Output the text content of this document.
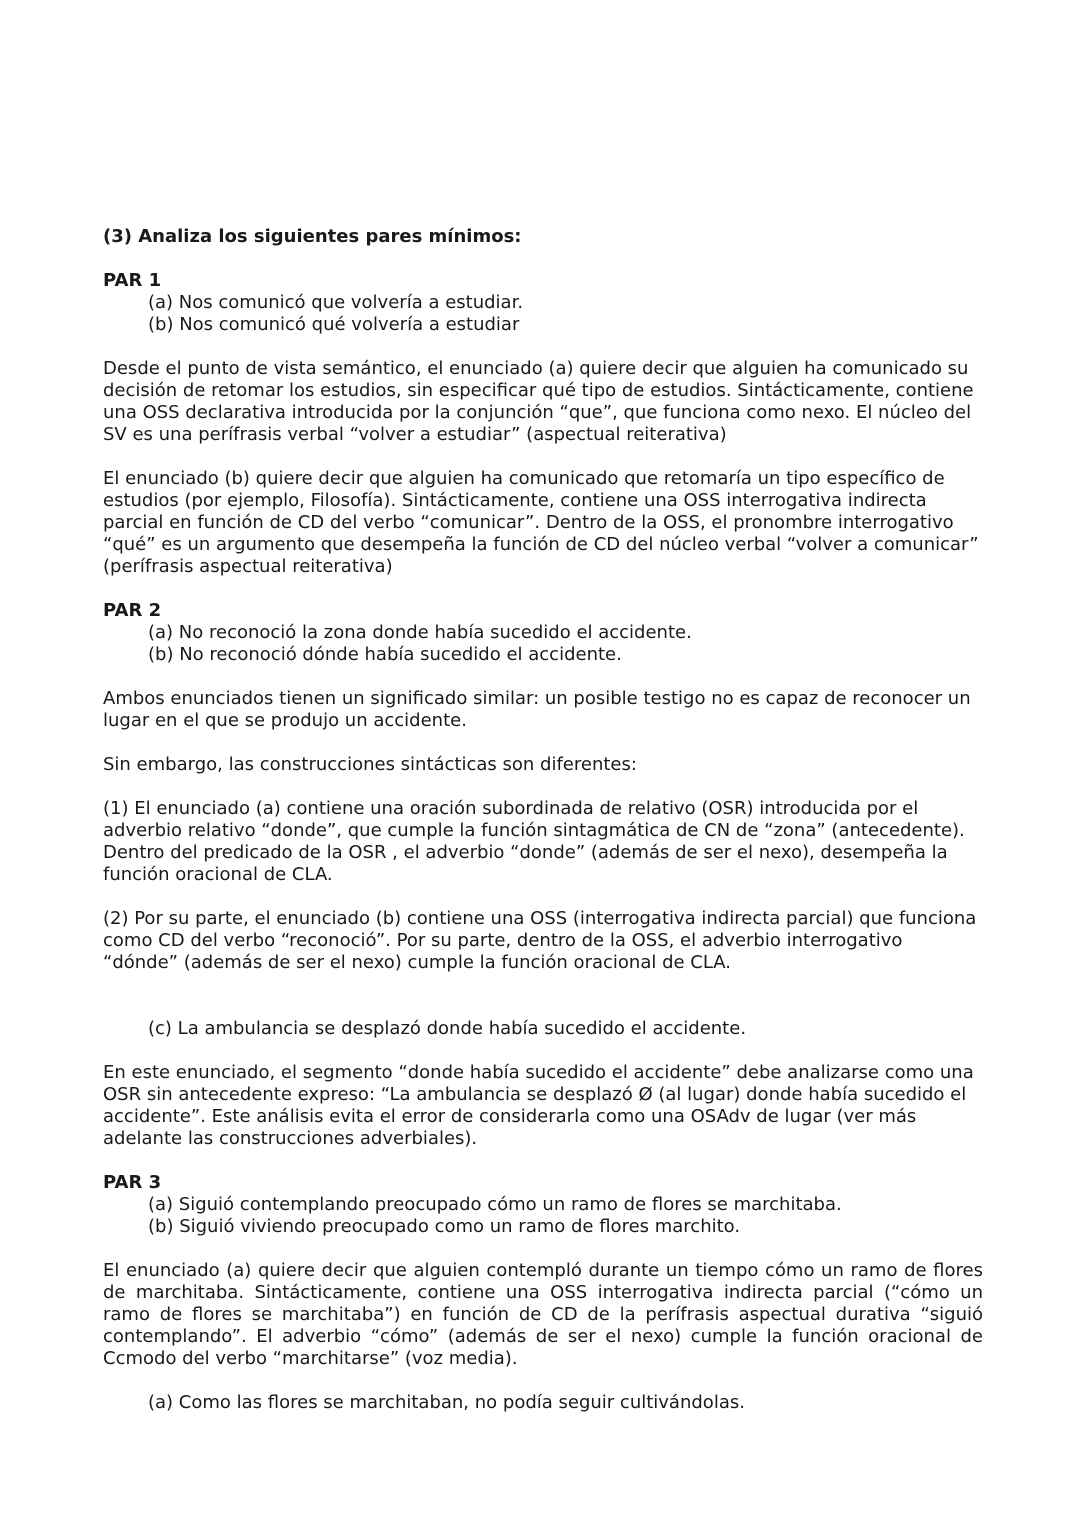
(3) Analiza los siguientes pares mínimos:
PAR 1
(a) Nos comunicó que volvería a estudiar.
(b) Nos comunicó qué volvería a estudiar

Desde el punto de vista semántico, el enunciado (a) quiere decir que alguien ha comunicado su decisión de retomar los estudios, sin especificar qué tipo de estudios. Sintácticamente, contiene una OSS declarativa introducida por la conjunción “que”, que funciona como nexo. El núcleo del SV es una perífrasis verbal “volver a estudiar” (aspectual reiterativa)

El enunciado (b) quiere decir que alguien ha comunicado que retomaría un tipo específico de estudios (por ejemplo, Filosofía). Sintácticamente, contiene una OSS interrogativa indirecta parcial en función de CD del verbo “comunicar”. Dentro de la OSS, el pronombre interrogativo “qué” es un argumento que desempeña la función de CD del núcleo verbal “volver a comunicar” (perífrasis aspectual reiterativa)

PAR 2
(a) No reconoció la zona donde había sucedido el accidente.
(b) No reconoció dónde había sucedido el accidente.

Ambos enunciados tienen un significado similar: un posible testigo no es capaz de reconocer un lugar en el que se produjo un accidente.

Sin embargo, las construcciones sintácticas son diferentes:

(1) El enunciado (a) contiene una oración subordinada de relativo (OSR) introducida por el adverbio relativo “donde”, que cumple la función sintagmática de CN de “zona” (antecedente). Dentro del predicado de la OSR , el adverbio “donde” (además de ser el nexo), desempeña la función oracional de CLA.

(2) Por su parte, el enunciado (b) contiene una OSS (interrogativa indirecta parcial) que funciona como CD del verbo “reconoció”. Por su parte, dentro de la OSS, el adverbio interrogativo “dónde” (además de ser el nexo) cumple la función oracional de CLA.

(c) La ambulancia se desplazó donde había sucedido el accidente.

En este enunciado, el segmento “donde había sucedido el accidente” debe analizarse como una OSR sin antecedente expreso: “La ambulancia se desplazó Ø (al lugar) donde había sucedido el accidente”. Este análisis evita el error de considerarla como una OSAdv de lugar (ver más adelante las construcciones adverbiales).

PAR 3
(a) Siguió contemplando preocupado cómo un ramo de flores se marchitaba.
(b) Siguió viviendo preocupado como un ramo de flores marchito.

El enunciado (a) quiere decir que alguien contempló durante un tiempo cómo un ramo de flores de marchitaba. Sintácticamente, contiene una OSS interrogativa indirecta parcial (“cómo un ramo de flores se marchitaba”) en función de CD de la perífrasis aspectual durativa “siguió contemplando”. El adverbio “cómo” (además de ser el nexo) cumple la función oracional de Ccmodo del verbo “marchitarse” (voz media).

(a) Como las flores se marchitaban, no podía seguir cultivándolas.
